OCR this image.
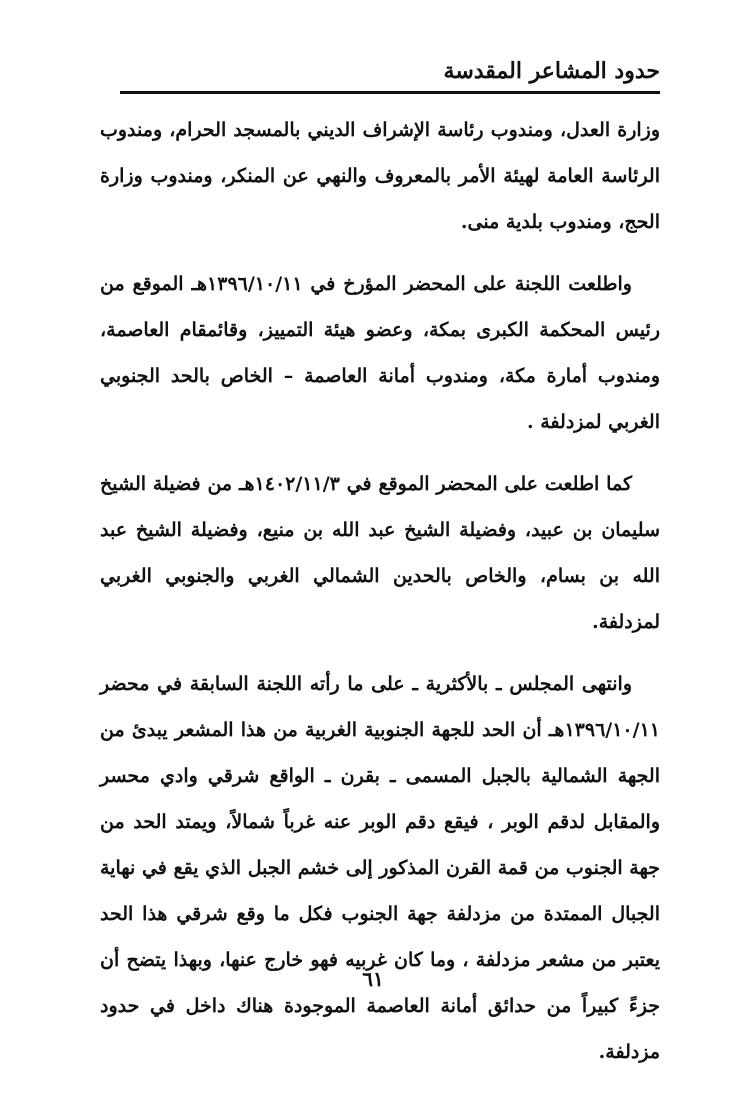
حدود المشاعر المقدسة

وزارة العدل، ومندوب رئاسة الإشراف الديني بالمسجد الحرام، ومندوب الرئاسة العامة لهيئة الأمر بالمعروف والنهي عن المنكر، ومندوب وزارة الحج، ومندوب بلدية منى.

واطلعت اللجنة على المحضر المؤرخ في ١٣٩٦/١٠/١١هـ الموقع من رئيس المحكمة الكبرى بمكة، وعضو هيئة التمييز، وقائمقام العاصمة، ومندوب أمارة مكة، ومندوب أمانة العاصمة – الخاص بالحد الجنوبي الغربي لمزدلفة .

كما اطلعت على المحضر الموقع في ١٤٠٢/١١/٣هـ من فضيلة الشيخ سليمان بن عبيد، وفضيلة الشيخ عبد الله بن منيع، وفضيلة الشيخ عبد الله بن بسام، والخاص بالحدين الشمالي الغربي والجنوبي الغربي لمزدلفة.

وانتهى المجلس ـ بالأكثرية ـ على ما رأته اللجنة السابقة في محضر ١٣٩٦/١٠/١١هـ أن الحد للجهة الجنوبية الغربية من هذا المشعر يبدئ من الجهة الشمالية بالجبل المسمى ـ بقرن ـ الواقع شرقي وادي محسر والمقابل لدقم الوبر ، فيقع دقم الوبر عنه غرباً شمالاً، ويمتد الحد من جهة الجنوب من قمة القرن المذكور إلى خشم الجبل الذي يقع في نهاية الجبال الممتدة من مزدلفة جهة الجنوب فكل ما وقع شرقي هذا الحد يعتبر من مشعر مزدلفة ، وما كان غربيه فهو خارج عنها، وبهذا يتضح أن جزءً كبيراً من حدائق أمانة العاصمة الموجودة هناك داخل في حدود مزدلفة.

٦١
